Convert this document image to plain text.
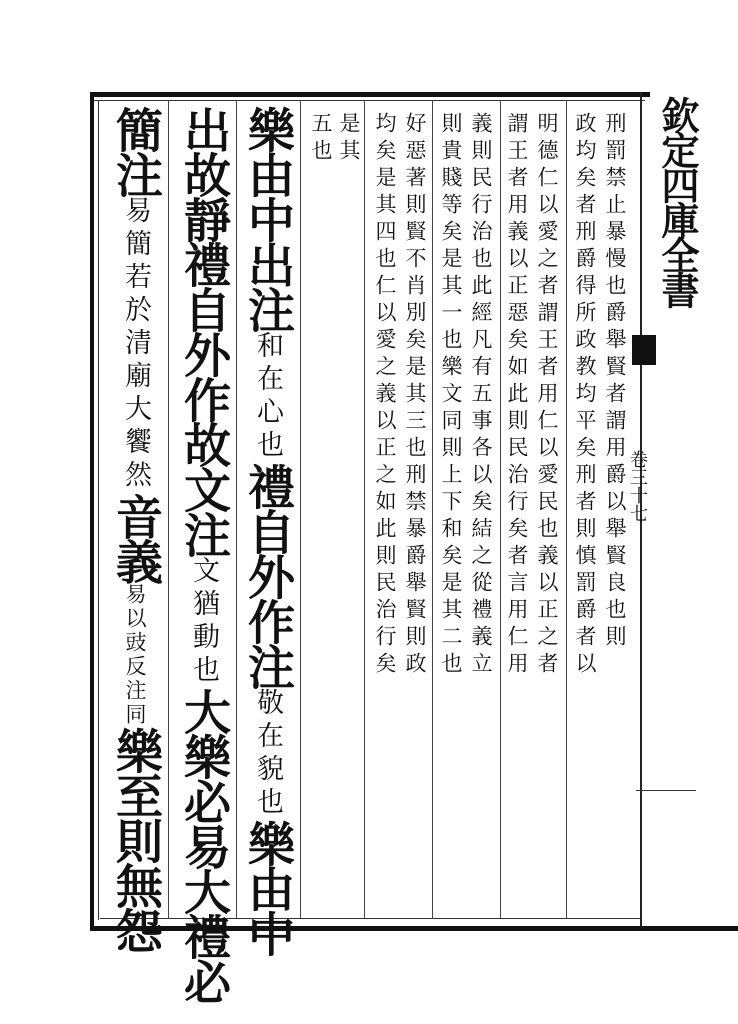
欽定四庫全書
卷三十七
刑罰禁止暴慢也爵舉賢者謂用爵以舉賢良也則
政均矣者刑爵得所政教均平矣刑者則慎罰爵者以
明德仁以愛之者謂王者用仁以愛民也義以正之者
謂王者用義以正惡矣如此則民治行矣者言用仁用
義則民行治也此經凡有五事各以矣結之從禮義立
則貴賤等矣是其一也樂文同則上下和矣是其二也
好惡著則賢不肖別矣是其三也刑禁暴爵舉賢則政
均矣是其四也仁以愛之義以正之如此則民治行矣
是其
五也
樂由中出注和在心也禮自外作注敬在貌也樂由中
出故靜禮自外作故文注文猶動也大樂必易大禮必
簡注易簡若於清廟大饗然音義易以豉反注同樂至則無怨
